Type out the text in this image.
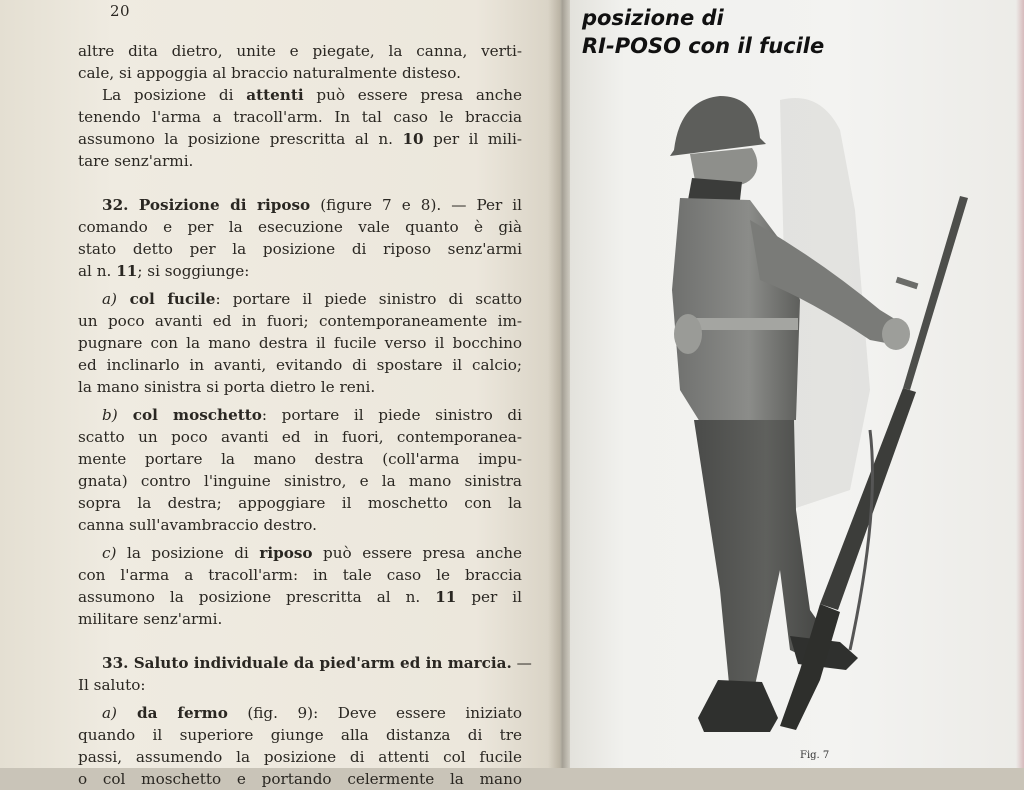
20
altre dita dietro, unite e piegate, la canna, verti-
cale, si appoggia al braccio naturalmente disteso.
La posizione di attenti può essere presa anche
tenendo l'arma a tracoll'arm. In tal caso le braccia
assumono la posizione prescritta al n. 10 per il mili-
tare senz'armi.
32. Posizione di riposo (figure 7 e 8). — Per il
comando e per la esecuzione vale quanto è già
stato detto per la posizione di riposo senz'armi
al n. 11; si soggiunge:
a) col fucile: portare il piede sinistro di scatto
un poco avanti ed in fuori; contemporaneamente im-
pugnare con la mano destra il fucile verso il bocchino
ed inclinarlo in avanti, evitando di spostare il calcio;
la mano sinistra si porta dietro le reni.
b) col moschetto: portare il piede sinistro di
scatto un poco avanti ed in fuori, contemporanea-
mente portare la mano destra (coll'arma impu-
gnata) contro l'inguine sinistro, e la mano sinistra
sopra la destra; appoggiare il moschetto con la
canna sull'avambraccio destro.
c) la posizione di riposo può essere presa anche
con l'arma a tracoll'arm: in tale caso le braccia
assumono la posizione prescritta al n. 11 per il
militare senz'armi.
33. Saluto individuale da pied'arm ed in marcia. —
Il saluto:
a) da fermo (fig. 9): Deve essere iniziato
quando il superiore giunge alla distanza di tre
passi, assumendo la posizione di attenti col fucile
o col moschetto e portando celermente la mano
posizione di
RI-POSO con il fucile
Fig. 7
